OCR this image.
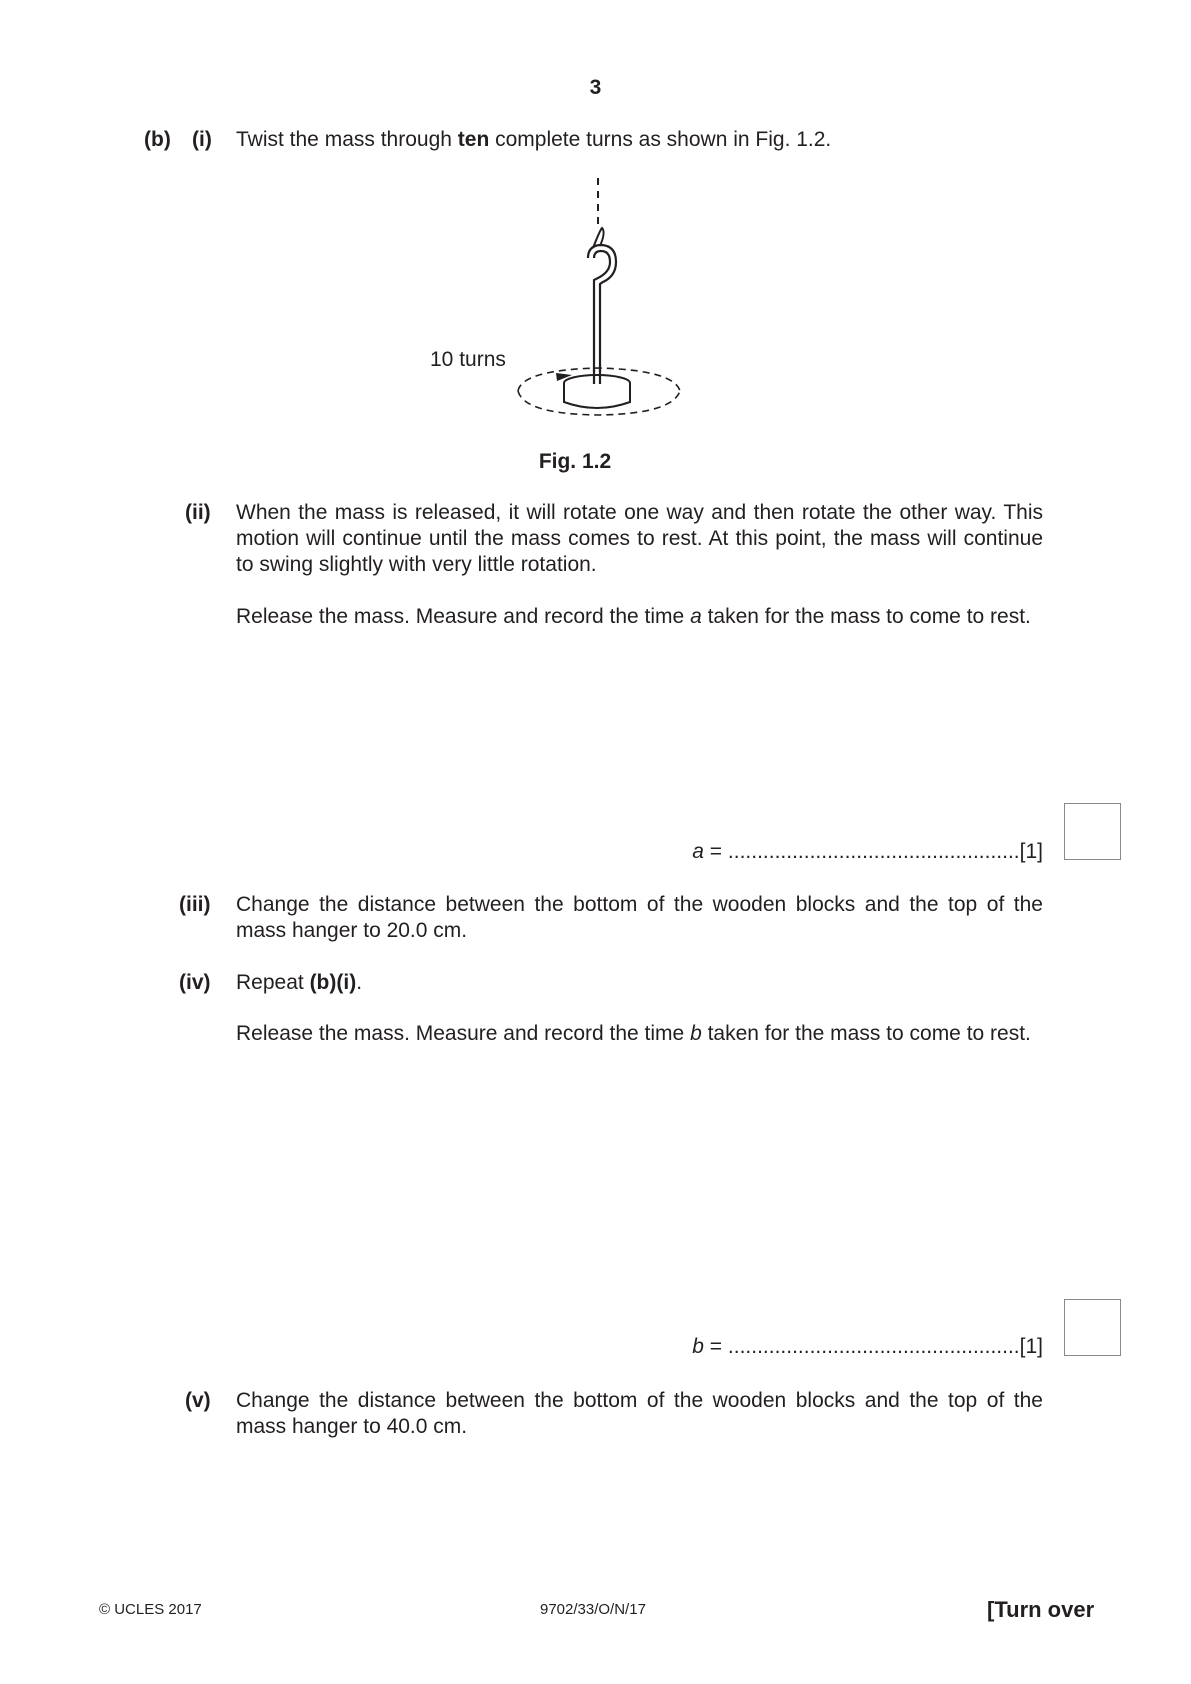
3
(b) (i) Twist the mass through ten complete turns as shown in Fig. 1.2.
10 turns
Fig. 1.2
(ii) When the mass is released, it will rotate one way and then rotate the other way. This motion will continue until the mass comes to rest. At this point, the mass will continue to swing slightly with very little rotation.
Release the mass. Measure and record the time a taken for the mass to come to rest.
a = ..................................................[1]
(iii) Change the distance between the bottom of the wooden blocks and the top of the mass hanger to 20.0 cm.
(iv) Repeat (b)(i).
Release the mass. Measure and record the time b taken for the mass to come to rest.
b = ..................................................[1]
(v) Change the distance between the bottom of the wooden blocks and the top of the mass hanger to 40.0 cm.
© UCLES 2017	9702/33/O/N/17	[Turn over
